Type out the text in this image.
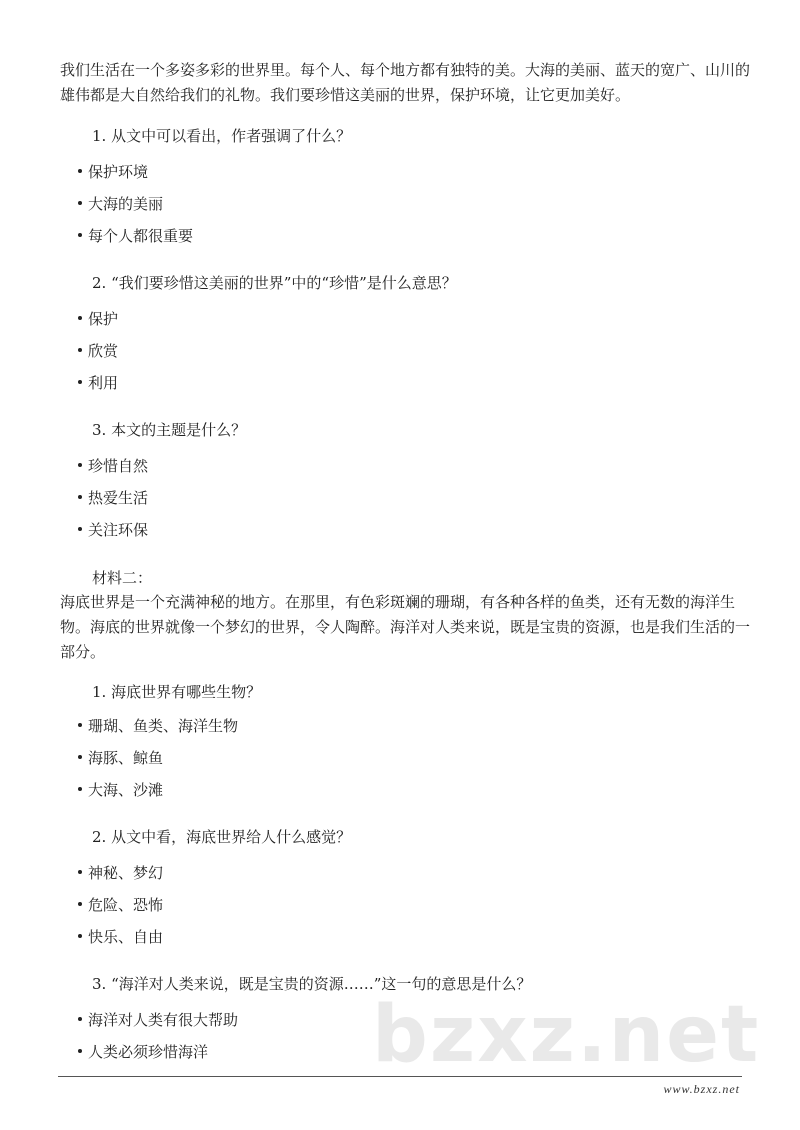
我们生活在一个多姿多彩的世界里。每个人、每个地方都有独特的美。大海的美丽、蓝天的宽广、山川的雄伟都是大自然给我们的礼物。我们要珍惜这美丽的世界，保护环境，让它更加美好。

1. 从文中可以看出，作者强调了什么？

保护环境

大海的美丽

每个人都很重要

2. “我们要珍惜这美丽的世界”中的“珍惜”是什么意思？

保护

欣赏

利用

3. 本文的主题是什么？

珍惜自然

热爱生活

关注环保

材料二：

海底世界是一个充满神秘的地方。在那里，有色彩斑斓的珊瑚，有各种各样的鱼类，还有无数的海洋生物。海底的世界就像一个梦幻的世界，令人陶醉。海洋对人类来说，既是宝贵的资源，也是我们生活的一部分。

1. 海底世界有哪些生物？

珊瑚、鱼类、海洋生物

海豚、鲸鱼

大海、沙滩

2. 从文中看，海底世界给人什么感觉？

神秘、梦幻

危险、恐怖

快乐、自由

3. “海洋对人类来说，既是宝贵的资源……”这一句的意思是什么？

海洋对人类有很大帮助

人类必须珍惜海洋 bzxz.net
www.bzxz.net
